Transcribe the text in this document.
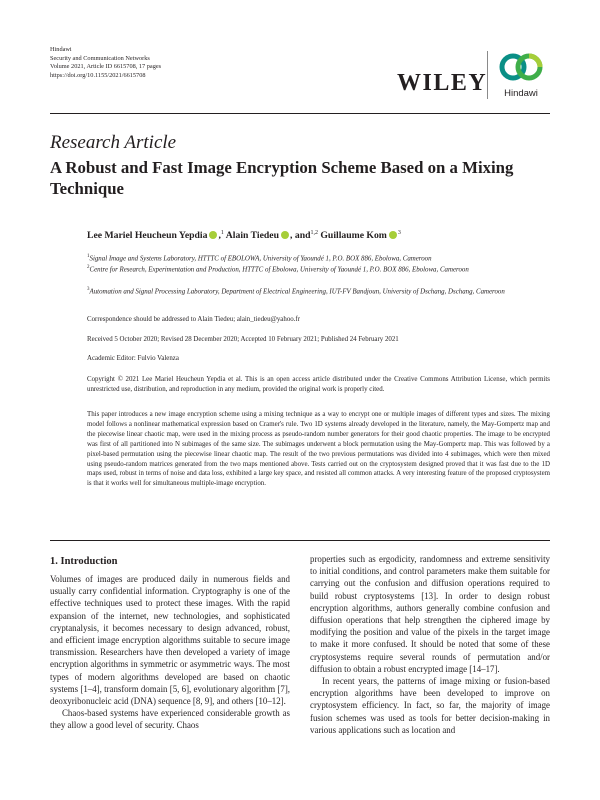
Hindawi
Security and Communication Networks
Volume 2021, Article ID 6615708, 17 pages
https://doi.org/10.1155/2021/6615708	WILEY	Hindawi
Research Article
A Robust and Fast Image Encryption Scheme Based on a Mixing Technique
Lee Mariel Heucheun Yepdia ,$^1$ Alain Tiedeu , and$^{1,2}$ Guillaume Kom $^3$
$^1$Signal Image and Systems Laboratory, HTTTC of EBOLOWA, University of Yaoundé 1, P.O. BOX 886, Ebolowa, Cameroon
$^2$Centre for Research, Experimentation and Production, HTTTC of Ebolowa, University of Yaoundé 1, P.O. BOX 886, Ebolowa, Cameroon
$^3$Automation and Signal Processing Laboratory, Department of Electrical Engineering, IUT-FV Bandjoun, University of Dschang, Dschang, Cameroon
Correspondence should be addressed to Alain Tiedeu; alain_tiedeu@yahoo.fr
Received 5 October 2020; Revised 28 December 2020; Accepted 10 February 2021; Published 24 February 2021
Academic Editor: Fulvio Valenza
Copyright © 2021 Lee Mariel Heucheun Yepdia et al. This is an open access article distributed under the Creative Commons Attribution License, which permits unrestricted use, distribution, and reproduction in any medium, provided the original work is properly cited.
This paper introduces a new image encryption scheme using a mixing technique as a way to encrypt one or multiple images of different types and sizes. The mixing model follows a nonlinear mathematical expression based on Cramer's rule. Two 1D systems already developed in the literature, namely, the May-Gompertz map and the piecewise linear chaotic map, were used in the mixing process as pseudo-random number generators for their good chaotic properties. The image to be encrypted was first of all partitioned into N subimages of the same size. The subimages underwent a block permutation using the May-Gompertz map. This was followed by a pixel-based permutation using the piecewise linear chaotic map. The result of the two previous permutations was divided into 4 subimages, which were then mixed using pseudo-random matrices generated from the two maps mentioned above. Tests carried out on the cryptosystem designed proved that it was fast due to the 1D maps used, robust in terms of noise and data loss, exhibited a large key space, and resisted all common attacks. A very interesting feature of the proposed cryptosystem is that it works well for simultaneous multiple-image encryption.
1. Introduction

Volumes of images are produced daily in numerous fields and usually carry confidential information. Cryptography is one of the effective techniques used to protect these images. With the rapid expansion of the internet, new technologies, and sophisticated cryptanalysis, it becomes necessary to design advanced, robust, and efficient image encryption algorithms suitable to secure image transmission. Researchers have then developed a variety of image encryption algorithms in symmetric or asymmetric ways. The most types of modern algorithms developed are based on chaotic systems [1–4], transform domain [5, 6], evolutionary algorithm [7], deoxyribonucleic acid (DNA) sequence [8, 9], and others [10–12].

Chaos-based systems have experienced considerable growth as they allow a good level of security. Chaos

properties such as ergodicity, randomness and extreme sensitivity to initial conditions, and control parameters make them suitable for carrying out the confusion and diffusion operations required to build robust cryptosystems [13]. In order to design robust encryption algorithms, authors generally combine confusion and diffusion operations that help strengthen the ciphered image by modifying the position and value of the pixels in the target image to make it more confused. It should be noted that some of these cryptosystems require several rounds of permutation and/or diffusion to obtain a robust encrypted image [14–17].

In recent years, the patterns of image mixing or fusion-based encryption algorithms have been developed to improve on cryptosystem efficiency. In fact, so far, the majority of image fusion schemes was used as tools for better decision-making in various applications such as location and
